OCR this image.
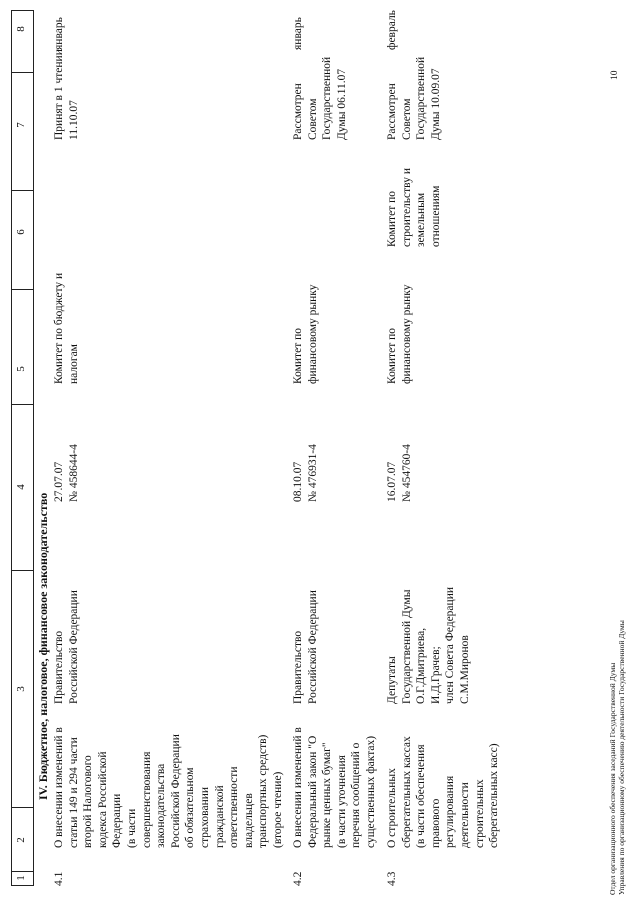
1
2
3
4
5
6
7
8
IV. Бюджетное, налоговое, финансовое законодательство
4.1
О внесении изменений в
статьи 149 и 294 части
второй Налогового
кодекса Российской
Федерации
(в части
совершенствования
законодательства
Российской Федерации
об обязательном
страховании
гражданской
ответственности
владельцев
транспортных средств)
(второе чтение)
Правительство
Российской Федерации
27.07.07
№ 458644-4
Комитет по бюджету и
налогам
Принят в 1 чтении
11.10.07
январь
4.2
О внесении изменений в
Федеральный закон "О
рынке ценных бумаг"
(в части уточнения
перечня сообщений о
существенных фактах)
Правительство
Российской Федерации
08.10.07
№ 476931-4
Комитет по
финансовому рынку
Рассмотрен
Советом
Государственной
Думы 06.11.07
январь
4.3
О строительных
сберегательных кассах
(в части обеспечения
правового
регулирования
деятельности
строительных
сберегательных касс)
Депутаты
Государственной Думы
О.Г.Дмитриева,
И.Д.Грачев;
член Совета Федерации
С.М.Миронов
16.07.07
№ 454760-4
Комитет по
финансовому рынку
Комитет по
строительству и
земельным
отношениям
Рассмотрен
Советом
Государственной
Думы 10.09.07
февраль
Отдел организационного обеспечения заседаний Государственной Думы Управления по организационному обеспечению деятельности Государственной Думы
10
